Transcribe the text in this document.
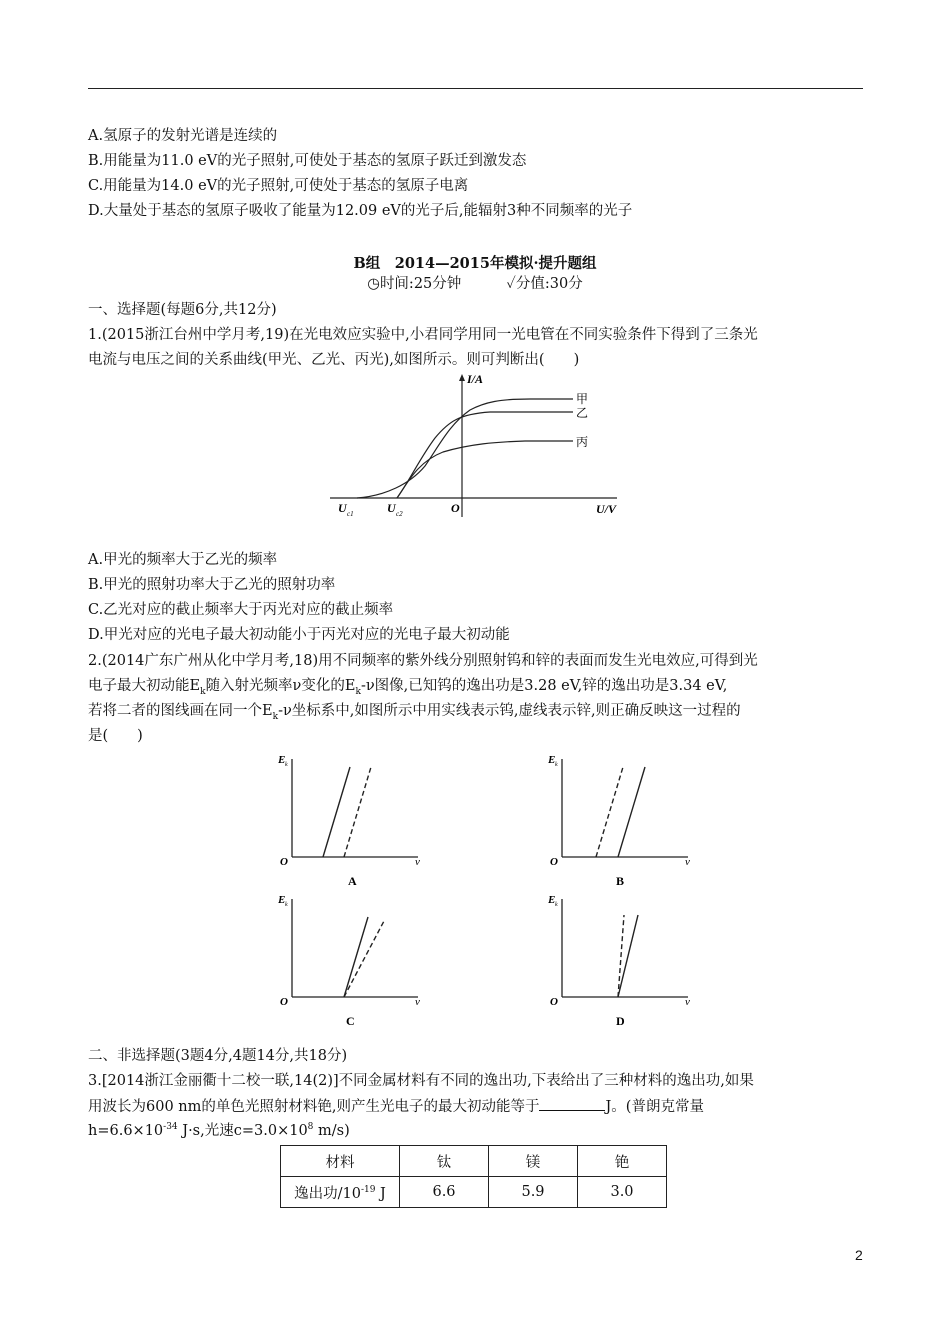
A.氢原子的发射光谱是连续的
B.用能量为11.0 eV的光子照射,可使处于基态的氢原子跃迁到激发态
C.用能量为14.0 eV的光子照射,可使处于基态的氢原子电离
D.大量处于基态的氢原子吸收了能量为12.09 eV的光子后,能辐射3种不同频率的光子
B组　2014—2015年模拟·提升题组
◷时间:25分钟	✓分值:30分
一、选择题(每题6分,共12分)
1.(2015浙江台州中学月考,19)在光电效应实验中,小君同学用同一光电管在不同实验条件下得到了三条光
电流与电压之间的关系曲线(甲光、乙光、丙光),如图所示。则可判断出(　　)
I/A
U/V
O
U c1	U c2
甲
乙
丙
A.甲光的频率大于乙光的频率
B.甲光的照射功率大于乙光的照射功率
C.乙光对应的截止频率大于丙光对应的截止频率
D.甲光对应的光电子最大初动能小于丙光对应的光电子最大初动能
2.(2014广东广州从化中学月考,18)用不同频率的紫外线分别照射钨和锌的表面而发生光电效应,可得到光
电子最大初动能$E_k$随入射光频率ν变化的$E_k-\nu$图像,已知钨的逸出功是3.28 eV,锌的逸出功是3.34 eV,
若将二者的图线画在同一个$E_k-\nu$坐标系中,如图所示中用实线表示钨,虚线表示锌,则正确反映这一过程的
是(　　)
E k
O	ν
A
E k
O	ν
B
E k
O	ν
C
E k
O	ν
D
二、非选择题(3题4分,4题14分,共18分)
3.[2014浙江金丽衢十二校一联,14(2)]不同金属材料有不同的逸出功,下表给出了三种材料的逸出功,如果
用波长为600 nm的单色光照射材料铯,则产生光电子的最大初动能等于	J。(普朗克常量
$h=6.6\times 10^{-34}$ J·s,光速$c=3.0\times 10^8$ m/s)
材料	钛	镁	铯
逸出功$/10^{-19}$ J	6.6	5.9	3.0
2
